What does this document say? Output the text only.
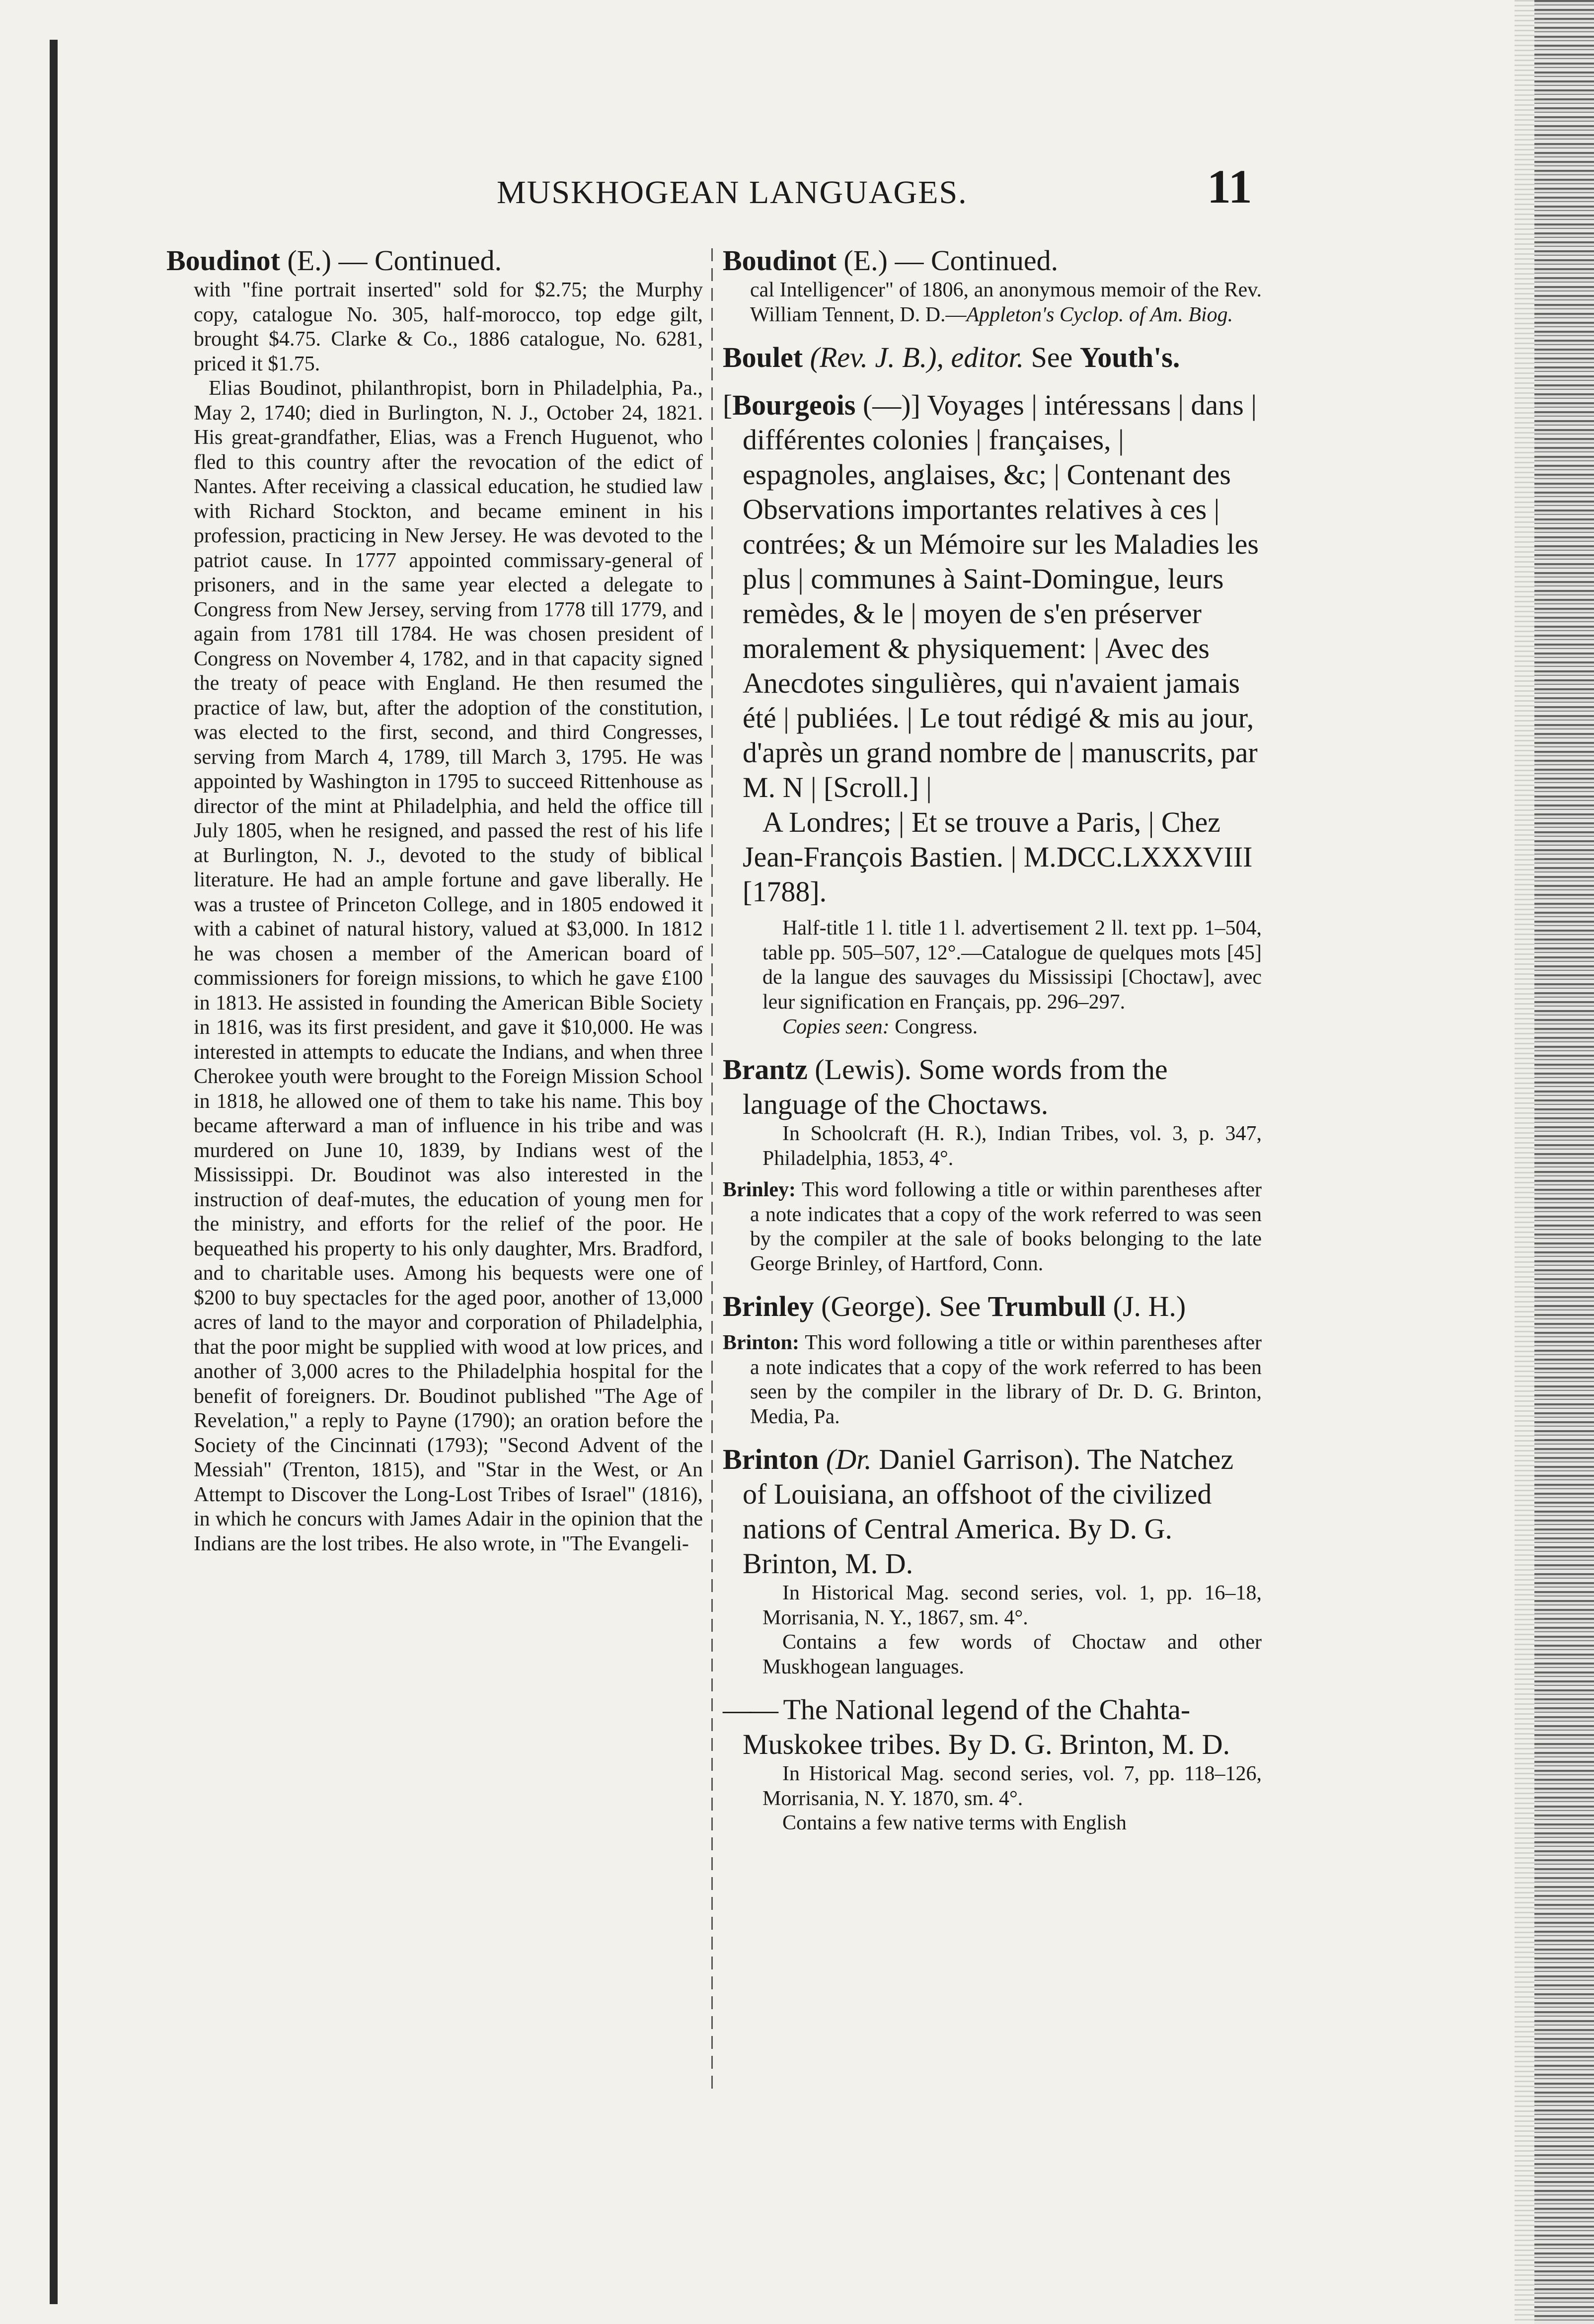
MUSKHOGEAN LANGUAGES.	11

Boudinot (E.) — Continued.

with "fine portrait inserted" sold for $2.75; the Murphy copy, catalogue No. 305, half-morocco, top edge gilt, brought $4.75. Clarke & Co., 1886 catalogue, No. 6281, priced it $1.75.

Elias Boudinot, philanthropist, born in Philadelphia, Pa., May 2, 1740; died in Burlington, N. J., October 24, 1821. His great-grandfather, Elias, was a French Huguenot, who fled to this country after the revocation of the edict of Nantes. After receiving a classical education, he studied law with Richard Stockton, and became eminent in his profession, practicing in New Jersey. He was devoted to the patriot cause. In 1777 appointed commissary-general of prisoners, and in the same year elected a delegate to Congress from New Jersey, serving from 1778 till 1779, and again from 1781 till 1784. He was chosen president of Congress on November 4, 1782, and in that capacity signed the treaty of peace with England. He then resumed the practice of law, but, after the adoption of the constitution, was elected to the first, second, and third Congresses, serving from March 4, 1789, till March 3, 1795. He was appointed by Washington in 1795 to succeed Rittenhouse as director of the mint at Philadelphia, and held the office till July 1805, when he resigned, and passed the rest of his life at Burlington, N. J., devoted to the study of biblical literature. He had an ample fortune and gave liberally. He was a trustee of Princeton College, and in 1805 endowed it with a cabinet of natural history, valued at $3,000. In 1812 he was chosen a member of the American board of commissioners for foreign missions, to which he gave £100 in 1813. He assisted in founding the American Bible Society in 1816, was its first president, and gave it $10,000. He was interested in attempts to educate the Indians, and when three Cherokee youth were brought to the Foreign Mission School in 1818, he allowed one of them to take his name. This boy became afterward a man of influence in his tribe and was murdered on June 10, 1839, by Indians west of the Mississippi. Dr. Boudinot was also interested in the instruction of deaf-mutes, the education of young men for the ministry, and efforts for the relief of the poor. He bequeathed his property to his only daughter, Mrs. Bradford, and to charitable uses. Among his bequests were one of $200 to buy spectacles for the aged poor, another of 13,000 acres of land to the mayor and corporation of Philadelphia, that the poor might be supplied with wood at low prices, and another of 3,000 acres to the Philadelphia hospital for the benefit of foreigners. Dr. Boudinot published "The Age of Revelation," a reply to Payne (1790); an oration before the Society of the Cincinnati (1793); "Second Advent of the Messiah" (Trenton, 1815), and "Star in the West, or An Attempt to Discover the Long-Lost Tribes of Israel" (1816), in which he concurs with James Adair in the opinion that the Indians are the lost tribes. He also wrote, in "The Evangeli-

Boudinot (E.) — Continued.

cal Intelligencer" of 1806, an anonymous memoir of the Rev. William Tennent, D. D.—Appleton's Cyclop. of Am. Biog.

Boulet (Rev. J. B.), editor. See Youth's.

[Bourgeois (—)] Voyages | intéressans | dans | différentes colonies | françaises, | espagnoles, anglaises, &c; | Contenant des Observations importantes relatives à ces | contrées; & un Mémoire sur les Maladies les plus | communes à Saint-Domingue, leurs remèdes, & le | moyen de s'en préserver moralement & physiquement: | Avec des Anecdotes singulières, qui n'avaient jamais été | publiées. | Le tout rédigé & mis au jour, d'après un grand nombre de | manuscrits, par M. N | [Scroll.] |

A Londres; | Et se trouve a Paris, | Chez Jean-François Bastien. | M.DCC.LXXXVIII [1788].

Half-title 1 l. title 1 l. advertisement 2 ll. text pp. 1–504, table pp. 505–507, 12°.—Catalogue de quelques mots [45] de la langue des sauvages du Mississipi [Choctaw], avec leur signification en Français, pp. 296–297.

Copies seen: Congress.

Brantz (Lewis). Some words from the language of the Choctaws.

In Schoolcraft (H. R.), Indian Tribes, vol. 3, p. 347, Philadelphia, 1853, 4°.

Brinley: This word following a title or within parentheses after a note indicates that a copy of the work referred to was seen by the compiler at the sale of books belonging to the late George Brinley, of Hartford, Conn.

Brinley (George). See Trumbull (J. H.)

Brinton: This word following a title or within parentheses after a note indicates that a copy of the work referred to has been seen by the compiler in the library of Dr. D. G. Brinton, Media, Pa.

Brinton (Dr. Daniel Garrison). The Natchez of Louisiana, an offshoot of the civilized nations of Central America. By D. G. Brinton, M. D.

In Historical Mag. second series, vol. 1, pp. 16–18, Morrisania, N. Y., 1867, sm. 4°.

Contains a few words of Choctaw and other Muskhogean languages.

—— The National legend of the Chahta-Muskokee tribes. By D. G. Brinton, M. D.

In Historical Mag. second series, vol. 7, pp. 118–126, Morrisania, N. Y. 1870, sm. 4°.

Contains a few native terms with English
